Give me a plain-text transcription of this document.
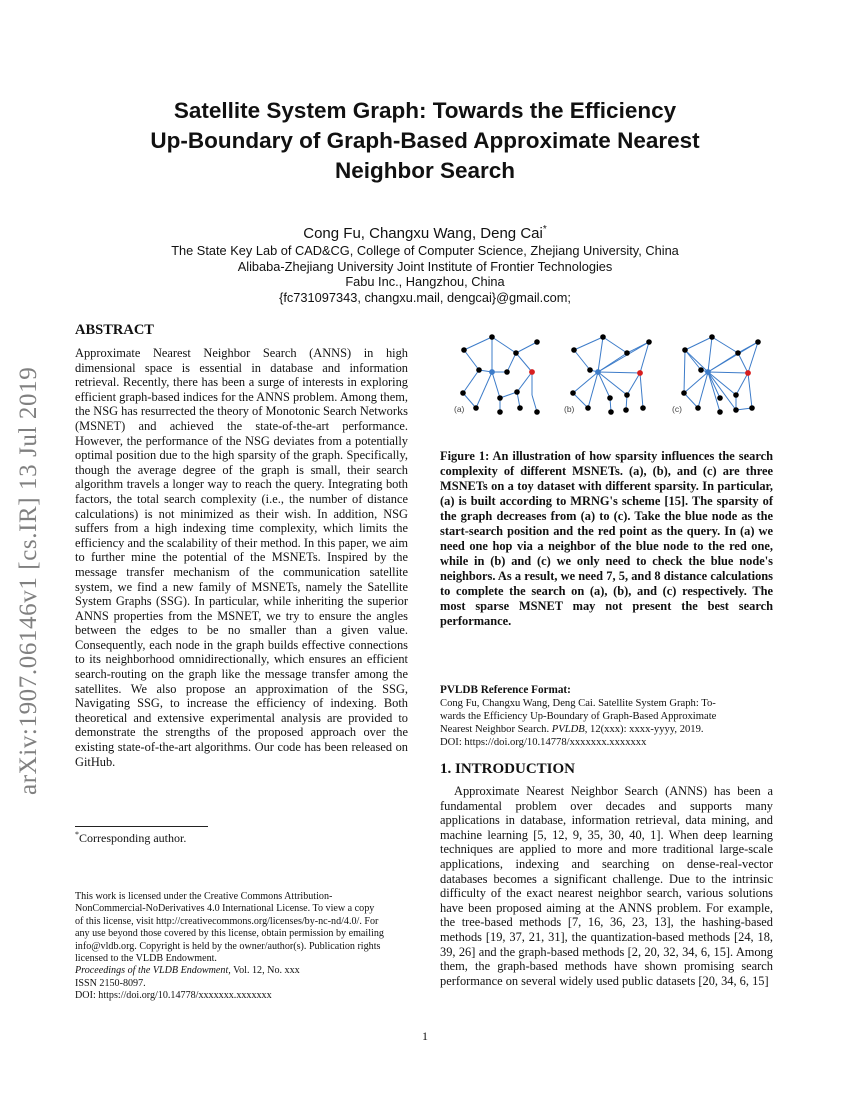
arXiv:1907.06146v1 [cs.IR] 13 Jul 2019
Satellite System Graph: Towards the Efficiency
Up-Boundary of Graph-Based Approximate Nearest
Neighbor Search
Cong Fu, Changxu Wang, Deng Cai*
The State Key Lab of CAD&CG, College of Computer Science, Zhejiang University, China
Alibaba-Zhejiang University Joint Institute of Frontier Technologies
Fabu Inc., Hangzhou, China
{fc731097343, changxu.mail, dengcai}@gmail.com;
ABSTRACT
Approximate Nearest Neighbor Search (ANNS) in high dimensional space is essential in database and information retrieval. Recently, there has been a surge of interests in exploring efficient graph-based indices for the ANNS problem. Among them, the NSG has resurrected the theory of Monotonic Search Networks (MSNET) and achieved the state-of-the-art performance. However, the performance of the NSG deviates from a potentially optimal position due to the high sparsity of the graph. Specifically, though the average degree of the graph is small, their search algorithm travels a longer way to reach the query. Integrating both factors, the total search complexity (i.e., the number of distance calculations) is not minimized as their wish. In addition, NSG suffers from a high indexing time complexity, which limits the efficiency and the scalability of their method. In this paper, we aim to further mine the potential of the MSNETs. Inspired by the message transfer mechanism of the communication satellite system, we find a new family of MSNETs, namely the Satellite System Graphs (SSG). In particular, while inheriting the superior ANNS properties from the MSNET, we try to ensure the angles between the edges to be no smaller than a given value. Consequently, each node in the graph builds effective connections to its neighborhood omnidirectionally, which ensures an efficient search-routing on the graph like the message transfer among the satellites. We also propose an approximation of the SSG, Navigating SSG, to increase the efficiency of indexing. Both theoretical and extensive experimental analysis are provided to demonstrate the strengths of the proposed approach over the existing state-of-the-art algorithms. Our code has been released on GitHub.
*Corresponding author.
This work is licensed under the Creative Commons Attribution-
NonCommercial-NoDerivatives 4.0 International License. To view a copy
of this license, visit http://creativecommons.org/licenses/by-nc-nd/4.0/. For
any use beyond those covered by this license, obtain permission by emailing
info@vldb.org. Copyright is held by the owner/author(s). Publication rights
licensed to the VLDB Endowment.
Proceedings of the VLDB Endowment, Vol. 12, No. xxx
ISSN 2150-8097.
DOI: https://doi.org/10.14778/xxxxxxx.xxxxxxx
(a)	(b)	(c)
Figure 1: An illustration of how sparsity influences the search complexity of different MSNETs. (a), (b), and (c) are three MSNETs on a toy dataset with different sparsity. In particular, (a) is built according to MRNG's scheme [15]. The sparsity of the graph decreases from (a) to (c). Take the blue node as the start-search position and the red point as the query. In (a) we need one hop via a neighbor of the blue node to the red one, while in (b) and (c) we only need to check the blue node's neighbors. As a result, we need 7, 5, and 8 distance calculations to complete the search on (a), (b), and (c) respectively. The most sparse MSNET may not present the best search performance.
PVLDB Reference Format:
Cong Fu, Changxu Wang, Deng Cai. Satellite System Graph: To-
wards the Efficiency Up-Boundary of Graph-Based Approximate
Nearest Neighbor Search. PVLDB, 12(xxx): xxxx-yyyy, 2019.
DOI: https://doi.org/10.14778/xxxxxxx.xxxxxxx
1. INTRODUCTION
Approximate Nearest Neighbor Search (ANNS) has been a fundamental problem over decades and supports many applications in database, information retrieval, data mining, and machine learning [5, 12, 9, 35, 30, 40, 1]. When deep learning techniques are applied to more and more traditional large-scale applications, indexing and searching on dense-real-vector databases becomes a significant challenge. Due to the intrinsic difficulty of the exact nearest neighbor search, various solutions have been proposed aiming at the ANNS problem. For example, the tree-based methods [7, 16, 36, 23, 13], the hashing-based methods [19, 37, 21, 31], the quantization-based methods [24, 18, 39, 26] and the graph-based methods [2, 20, 32, 34, 6, 15]. Among them, the graph-based methods have shown promising search performance on several widely used public datasets [20, 34, 6, 15]
1
